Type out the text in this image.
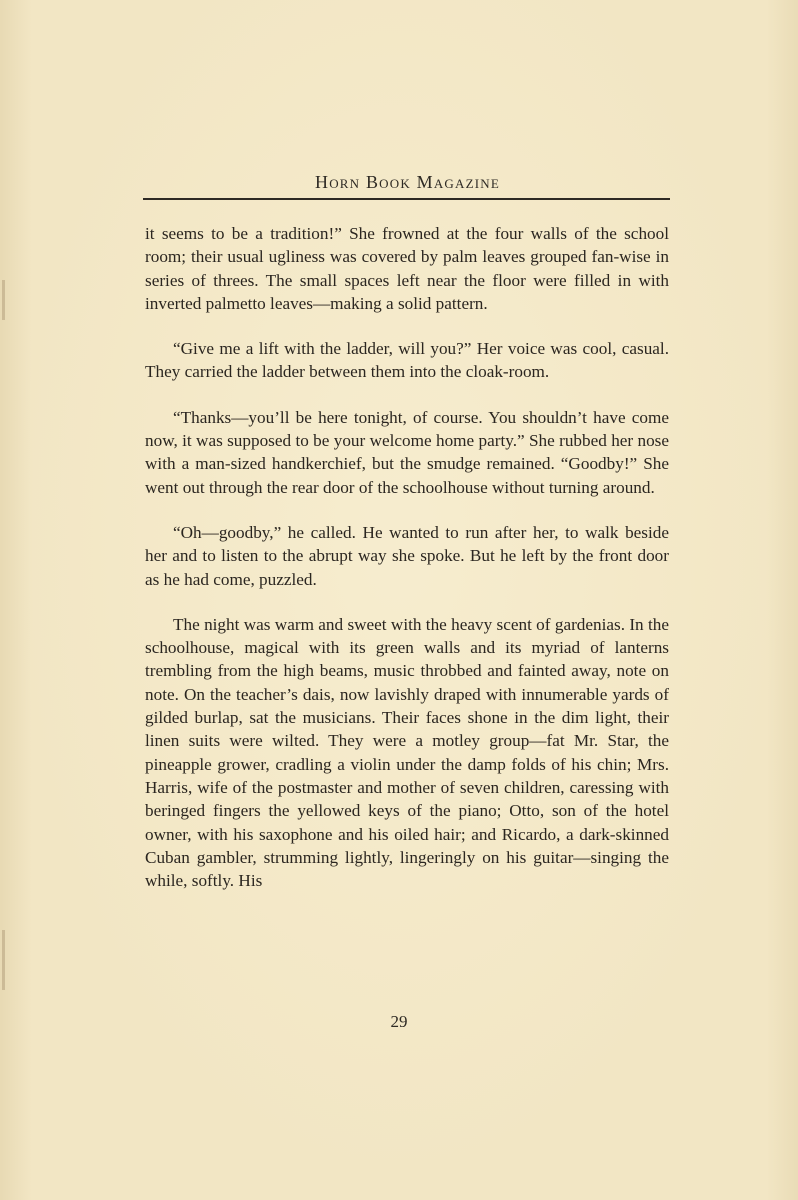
Horn Book Magazine

it seems to be a tradition!” She frowned at the four walls of the school room; their usual ugliness was covered by palm leaves grouped fan-wise in series of threes. The small spaces left near the floor were filled in with inverted palmetto leaves—making a solid pattern.

“Give me a lift with the ladder, will you?” Her voice was cool, casual. They carried the ladder between them into the cloak-room.

“Thanks—you’ll be here tonight, of course. You shouldn’t have come now, it was supposed to be your welcome home party.” She rubbed her nose with a man-sized handkerchief, but the smudge remained. “Goodby!” She went out through the rear door of the schoolhouse without turning around.

“Oh—goodby,” he called. He wanted to run after her, to walk beside her and to listen to the abrupt way she spoke. But he left by the front door as he had come, puzzled.

The night was warm and sweet with the heavy scent of gardenias. In the schoolhouse, magical with its green walls and its myriad of lanterns trembling from the high beams, music throbbed and fainted away, note on note. On the teacher’s dais, now lavishly draped with innumerable yards of gilded burlap, sat the musicians. Their faces shone in the dim light, their linen suits were wilted. They were a motley group—fat Mr. Star, the pineapple grower, cradling a violin under the damp folds of his chin; Mrs. Harris, wife of the postmaster and mother of seven children, caressing with beringed fingers the yellowed keys of the piano; Otto, son of the hotel owner, with his saxophone and his oiled hair; and Ricardo, a dark-skinned Cuban gambler, strumming lightly, lingeringly on his guitar—singing the while, softly. His

29
